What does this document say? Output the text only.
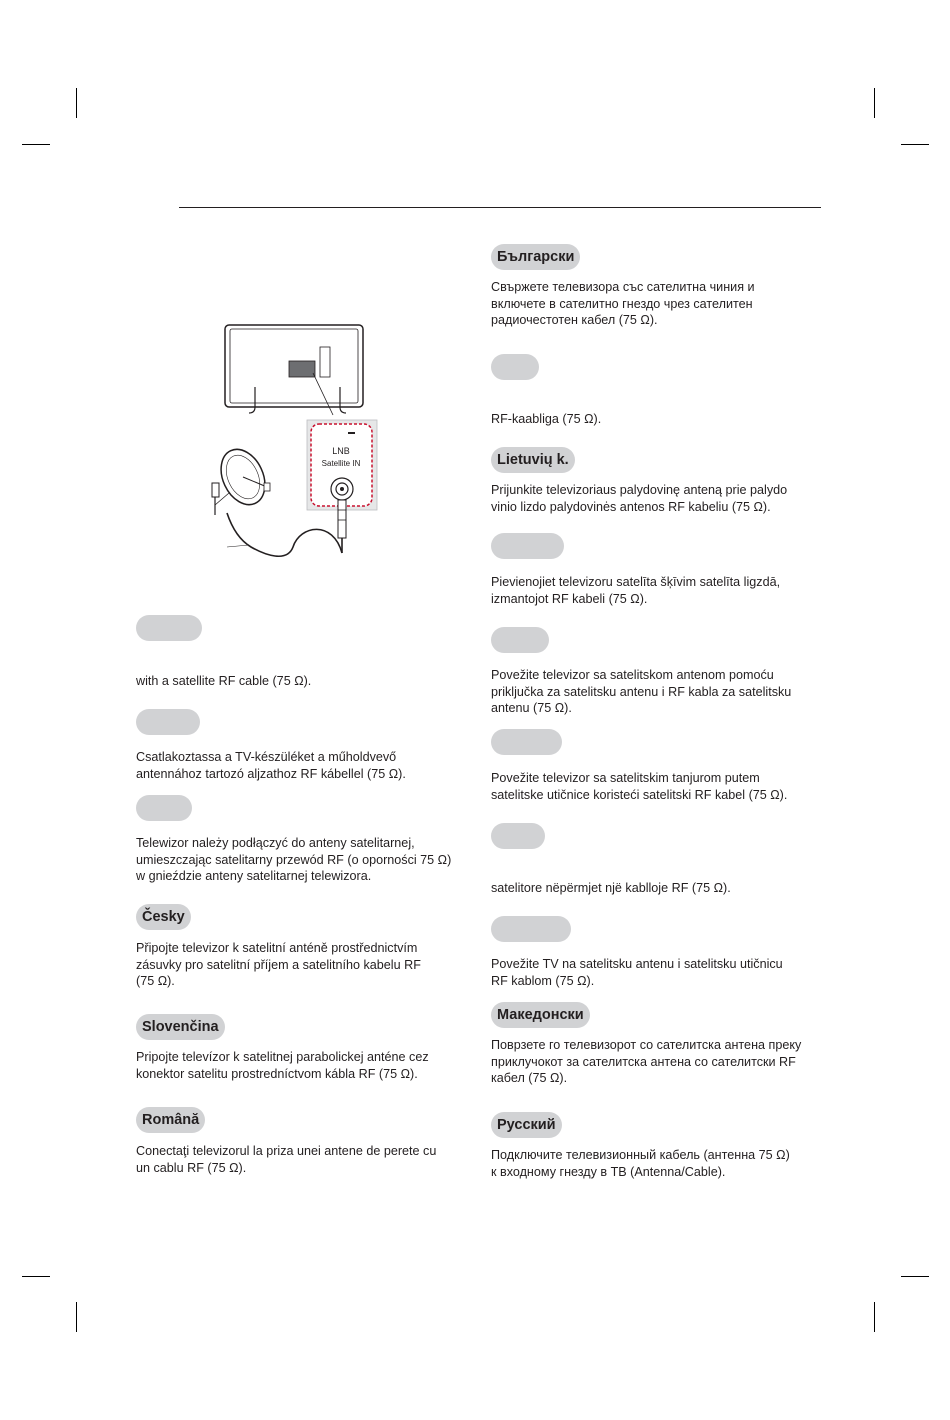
LNB
Satellite IN

with a satellite RF cable (75 Ω).

Csatlakoztassa a TV-készüléket a műholdvevő

antennához tartozó aljzathoz RF kábellel (75 Ω).

Telewizor należy podłączyć do anteny satelitarnej,

umieszczając satelitarny przewód RF (o oporności 75 Ω)

w gnieździe anteny satelitarnej telewizora.

Česky

Připojte televizor k satelitní anténě prostřednictvím

zásuvky pro satelitní příjem a satelitního kabelu RF

(75 Ω).

Slovenčina

Pripojte televízor k satelitnej parabolickej anténe cez

konektor satelitu prostredníctvom kábla RF (75 Ω).

Română

Conectaţi televizorul la priza unei antene de perete cu

un cablu RF (75 Ω).

Български

Свържете телевизора със сателитна чиния и

включете в сателитно гнездо чрез сателитен

радиочестотен кабел (75 Ω).

RF-kaabliga (75 Ω).

Lietuvių k.

Prijunkite televizoriaus palydovinę anteną prie palydo

vinio lizdo palydovinės antenos RF kabeliu (75 Ω).

Pievienojiet televizoru satelīta šķīvim satelīta ligzdā,

izmantojot RF kabeli (75 Ω).

Povežite televizor sa satelitskom antenom pomoću

priključka za satelitsku antenu i RF kabla za satelitsku

antenu (75 Ω).

Povežite televizor sa satelitskim tanjurom putem

satelitske utičnice koristeći satelitski RF kabel (75 Ω).

satelitore nëpërmjet një kablloje RF (75 Ω).

Povežite TV na satelitsku antenu i satelitsku utičnicu

RF kablom (75 Ω).

Македонски

Поврзете го телевизорот со сателитска антена преку

приклучокот за сателитска антена со сателитски RF

кабел (75 Ω).

Русский

Подключите телевизионный кабель (антенна 75 Ω)

к входному гнезду в ТВ (Antenna/Cable).
